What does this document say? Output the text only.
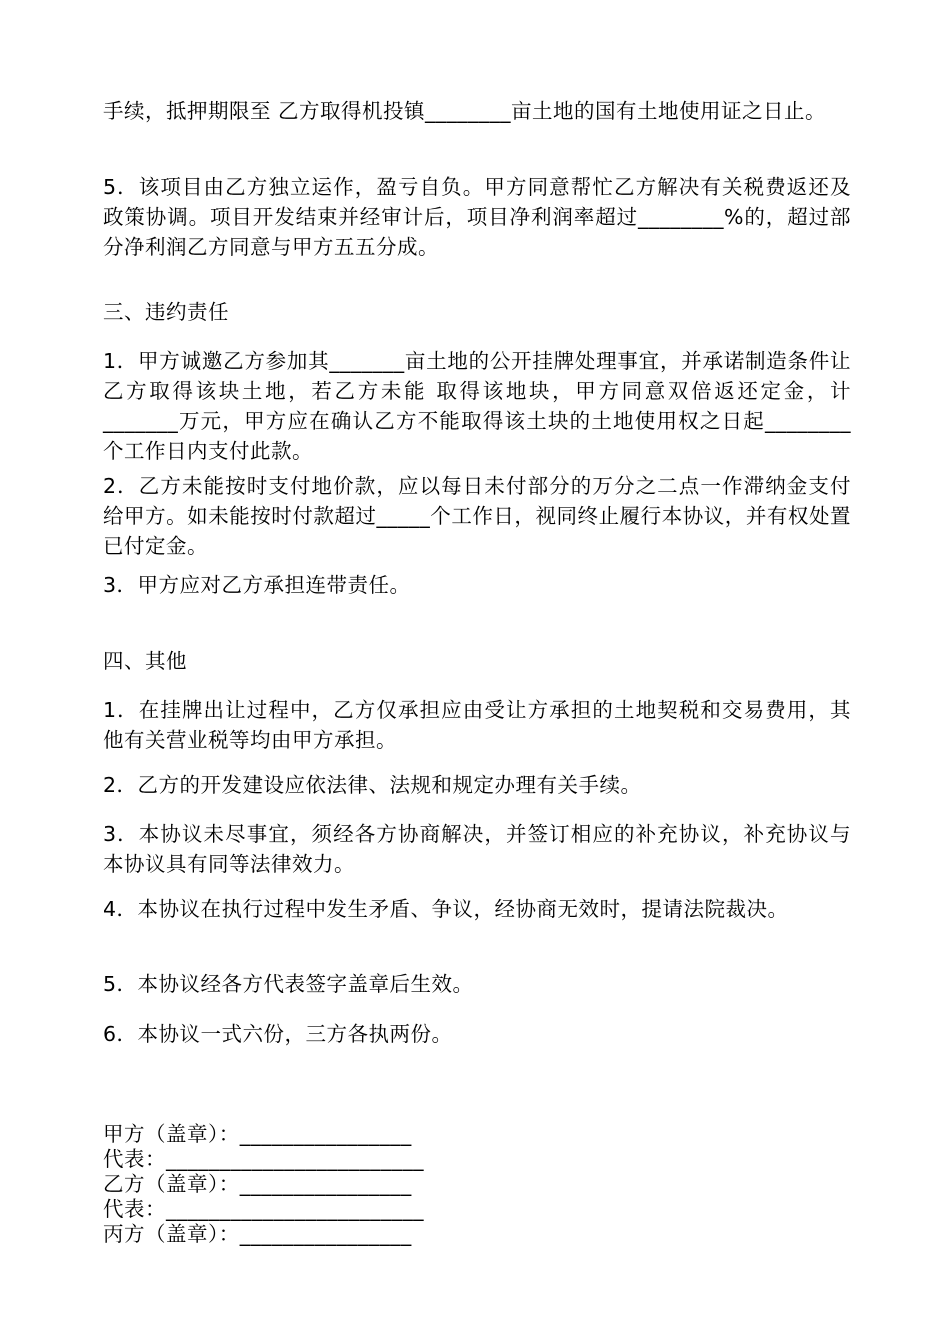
手续，抵押期限至 乙方取得机投镇________亩土地的国有土地使用证之日止。

5．该项目由乙方独立运作，盈亏自负。甲方同意帮忙乙方解决有关税费返还及政策协调。项目开发结束并经审计后，项目净利润率超过________%的，超过部分净利润乙方同意与甲方五五分成。

三、违约责任

1．甲方诚邀乙方参加其_______亩土地的公开挂牌处理事宜，并承诺制造条件让乙方取得该块土地，若乙方未能 取得该地块，甲方同意双倍返还定金，计_______万元，甲方应在确认乙方不能取得该土块的土地使用权之日起________个工作日内支付此款。

2．乙方未能按时支付地价款，应以每日未付部分的万分之二点一作滞纳金支付给甲方。如未能按时付款超过_____个工作日，视同终止履行本协议，并有权处置已付定金。

3．甲方应对乙方承担连带责任。

四、其他

1．在挂牌出让过程中，乙方仅承担应由受让方承担的土地契税和交易费用，其他有关营业税等均由甲方承担。

2．乙方的开发建设应依法律、法规和规定办理有关手续。

3．本协议未尽事宜，须经各方协商解决，并签订相应的补充协议，补充协议与本协议具有同等法律效力。

4．本协议在执行过程中发生矛盾、争议，经协商无效时，提请法院裁决。

5．本协议经各方代表签字盖章后生效。

6．本协议一式六份，三方各执两份。

甲方（盖章）：________________

代表：________________________

乙方（盖章）：________________

代表：________________________

丙方（盖章）：________________
